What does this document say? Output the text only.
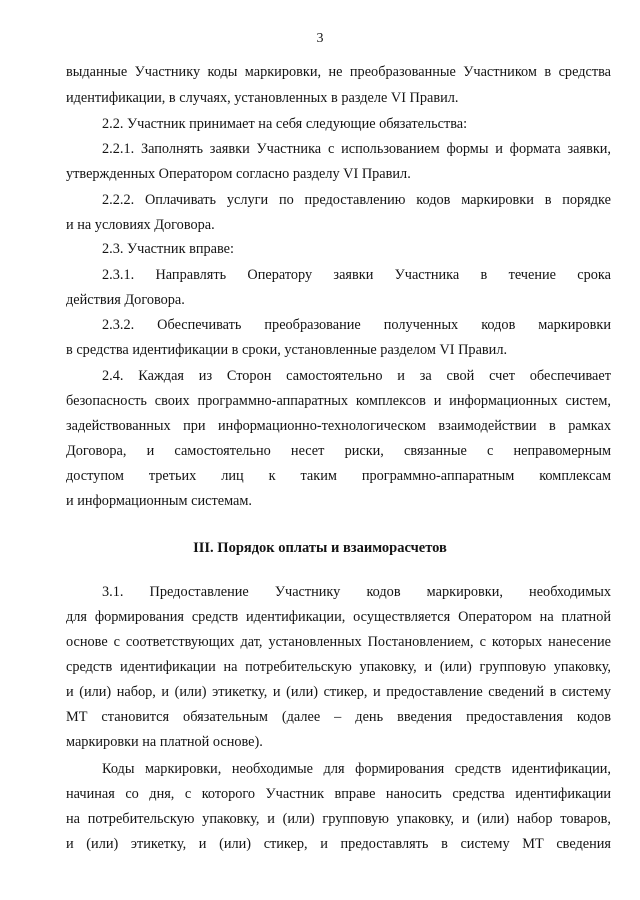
3
выданные Участнику коды маркировки, не преобразованные Участником в средства
идентификации, в случаях, установленных в разделе VI Правил.
2.2. Участник принимает на себя следующие обязательства:
2.2.1. Заполнять заявки Участника с использованием формы и формата заявки,
утвержденных Оператором согласно разделу VI Правил.
2.2.2. Оплачивать услуги по предоставлению кодов маркировки в порядке
и на условиях Договора.
2.3. Участник вправе:
2.3.1. Направлять Оператору заявки Участника в течение срока
действия Договора.
2.3.2. Обеспечивать преобразование полученных кодов маркировки
в средства идентификации в сроки, установленные разделом VI Правил.
2.4. Каждая из Сторон самостоятельно и за свой счет обеспечивает
безопасность своих программно-аппаратных комплексов и информационных систем,
задействованных при информационно-технологическом взаимодействии в рамках
Договора, и самостоятельно несет риски, связанные с неправомерным
доступом третьих лиц к таким программно-аппаратным комплексам
и информационным системам.
III. Порядок оплаты и взаиморасчетов
3.1. Предоставление Участнику кодов маркировки, необходимых
для формирования средств идентификации, осуществляется Оператором на платной
основе с соответствующих дат, установленных Постановлением, с которых нанесение
средств идентификации на потребительскую упаковку, и (или) групповую упаковку,
и (или) набор, и (или) этикетку, и (или) стикер, и предоставление сведений в систему
МТ становится обязательным (далее – день введения предоставления кодов
маркировки на платной основе).
Коды маркировки, необходимые для формирования средств идентификации,
начиная со дня, с которого Участник вправе наносить средства идентификации
на потребительскую упаковку, и (или) групповую упаковку, и (или) набор товаров,
и (или) этикетку, и (или) стикер, и предоставлять в систему МТ сведения
